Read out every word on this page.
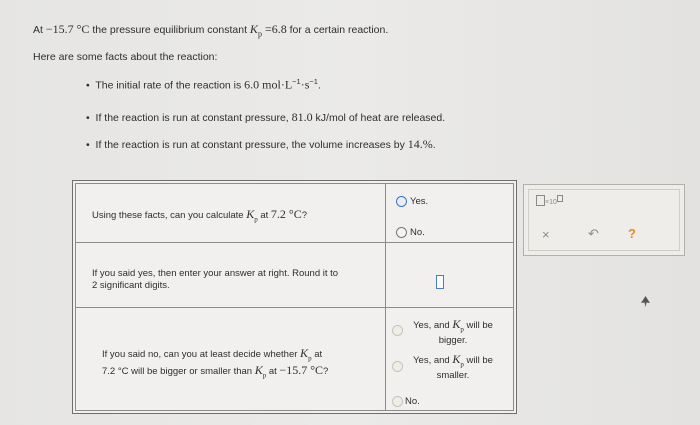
At −15.7 °C the pressure equilibrium constant $K_p =6.8$ for a certain reaction.
Here are some facts about the reaction:
• The initial rate of the reaction is 6.0 $mol\cdot L^{-1}\cdot s^{-1}$.
• If the reaction is run at constant pressure, 81.0 kJ/mol of heat are released.
• If the reaction is run at constant pressure, the volume increases by 14.%.
Using these facts, can you calculate $K_p$ at 7.2 °C?
Yes.
No.
If you said yes, then enter your answer at right. Round it to
2 significant digits.
If you said no, can you at least decide whether $K_p$ at
7.2 °C will be bigger or smaller than $K_p$ at −15.7 °C?
Yes, and $K_p$ will be
bigger.
Yes, and $K_p$ will be
smaller.
No.
×10
×	↶ ?
